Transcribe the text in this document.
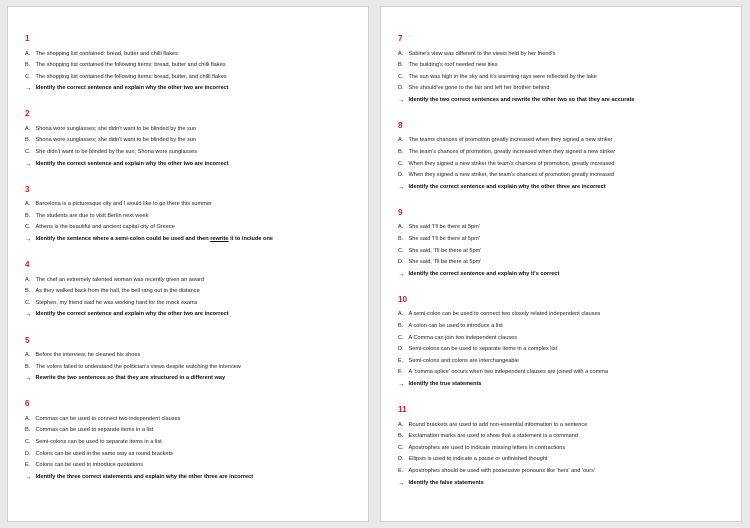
1
A. The shopping list contained: bread, butter and chilli flakes
B. The shopping list contained the following items: bread, butter and chilli flakes
C. The shopping list contained the following items: bread, butter, and chilli flakes
→ Identify the correct sentence and explain why the other two are incorrect
2
A. Shona wore sunglasses; she didn't want to be blinded by the sun
B. Shona wore sunglasses; she didn't want to be blinded by the sun
C. She didn't want to be blinded by the sun; Shona wore sunglasses
→ Identify the correct sentence and explain why the other two are incorrect
3
A. Barcelona is a picturesque city and I would like to go there this summer
B. The students are due to visit Berlin next week
C. Athens is the beautiful and ancient capital city of Greece
→ Identify the sentence where a semi-colon could be used and then rewrite it to include one
4
A. The chef an extremely talented woman was recently given an award
B. As they walked back from the hall, the bell rang out in the distance
C. Stephen, my friend said he was working hard for the mock exams
→ Identify the correct sentence and explain why the other two are incorrect
5
A. Before the interview, he cleaned his shoes
B. The voters failed to understand the politician's views despite watching the interview
→ Rewrite the two sentences so that they are structured in a different way
6
A. Commas can be used to connect two independent clauses
B. Commas can be used to separate items in a list
C. Semi-colons can be used to separate items in a list
D. Colons can be used in the same way as round brackets
E. Colons can be used to introduce quotations
→ Identify the three correct statements and explain why the other three are incorrect
7
A. Sabine's view was different to the views held by her friend's
B. The building's roof needed new tiles
C. The sun was high in the sky and it's warming rays were reflected by the lake
D. She should've gone to the fair and left her brother behind
→ Identify the two correct sentences and rewrite the other two so that they are accurate
8
A. The teams chances of promotion greatly increased when they signed a new striker
B. The team's chances of promotion, greatly increased when they signed a new striker
C. When they signed a new striker the team's chances of promotion, greatly increased
D. When they signed a new striker, the team's chances of promotion greatly increased
→ Identify the correct sentence and explain why the other three are incorrect
9
A. She said 'I'll be there at 5pm'
B. She said 'I'll be there at 5pm'
C. She said, 'I'll be there at 5pm'
D. She said, 'I'll be there at 5pm'
→ Identify the correct sentence and explain why it's correct
10
A. A semi-colon can be used to connect two closely related independent clauses
B. A colon can be used to introduce a list
C. A Comma can join two independent clauses
D. Semi-colons can be used to separate items in a complex list
E. Semi-colons and colons are interchangeable
F.	A 'comma splice' occurs when two independent clauses are joined with a comma
→ Identify the true statements
11
A. Round brackets are used to add non-essential information to a sentence
B. Exclamation marks are used to show that a statement is a command
C. Apostrophes are used to indicate missing letters in contractions
D. Ellipsis is used to indicate a pause or unfinished thought
E. Apostrophes should be used with possessive pronouns like 'hers' and 'ours'
→ Identify the false statements
